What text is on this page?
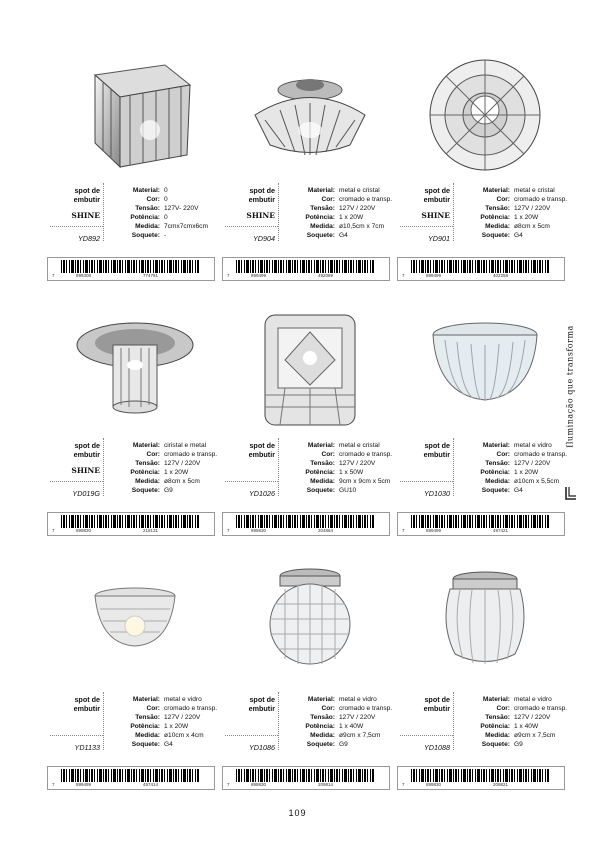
spot de
embutir
SHINE
YD892
Material: 0
Cor: 0
Tensão: 127V- 220V
Potência: 0
Medida: 7cmx7cmx6cm
Soquete: -
7	899308	774781
spot de
embutir
SHINE
YD904
Material: metal e cristal
Cor: cromado e transp.
Tensão: 127V / 220V
Potência: 1 x 20W
Medida: ø10,5cm x 7cm
Soquete: G4
7	899499	492089
spot de
embutir
SHINE
YD901
Material: metal e cristal
Cor: cromado e transp.
Tensão: 127V / 220V
Potência: 1 x 20W
Medida: ø8cm x 5cm
Soquete: G4
7	899499	402258
spot de
embutir
SHINE
YD019G
Material: ciristal e metal
Cor: cromado e transp.
Tensão: 127V / 220V
Potência: 1 x 20W
Medida: ø8cm x 5cm
Soquete: G9
7	899830	218131
spot de
embutir
YD1026
Material: metal e cristal
Cor: cromado e transp.
Tensão: 127V / 220V
Potência: 1 x 50W
Medida: 9cm x 9cm x 5cm
Soquete: GU10
7	899830	204864
spot de
embutir
YD1030
Material: metal e vidro
Cor: cromado e transp.
Tensão: 127V / 220V
Potência: 1 x 20W
Medida: ø10cm x 5,5cm
Soquete: G4
7	899499	497421
spot de
embutir
YD1133
Material: metal e vidro
Cor: cromado e transp.
Tensão: 127V / 220V
Potência: 1 x 20W
Medida: ø10cm x 4cm
Soquete: G4
7	899499	497414
spot de
embutir
YD1086
Material: metal e vidro
Cor: cromado e transp.
Tensão: 127V / 220V
Potência: 1 x 40W
Medida: ø9cm x 7,5cm
Soquete: G9
7	899830	209814
spot de
embutir
YD1088
Material: metal e vidro
Cor: cromado e transp.
Tensão: 127V / 220V
Potência: 1 x 40W
Medida: ø9cm x 7,5cm
Soquete: G9
7	899830	209821
Iluminação que transforma
109
